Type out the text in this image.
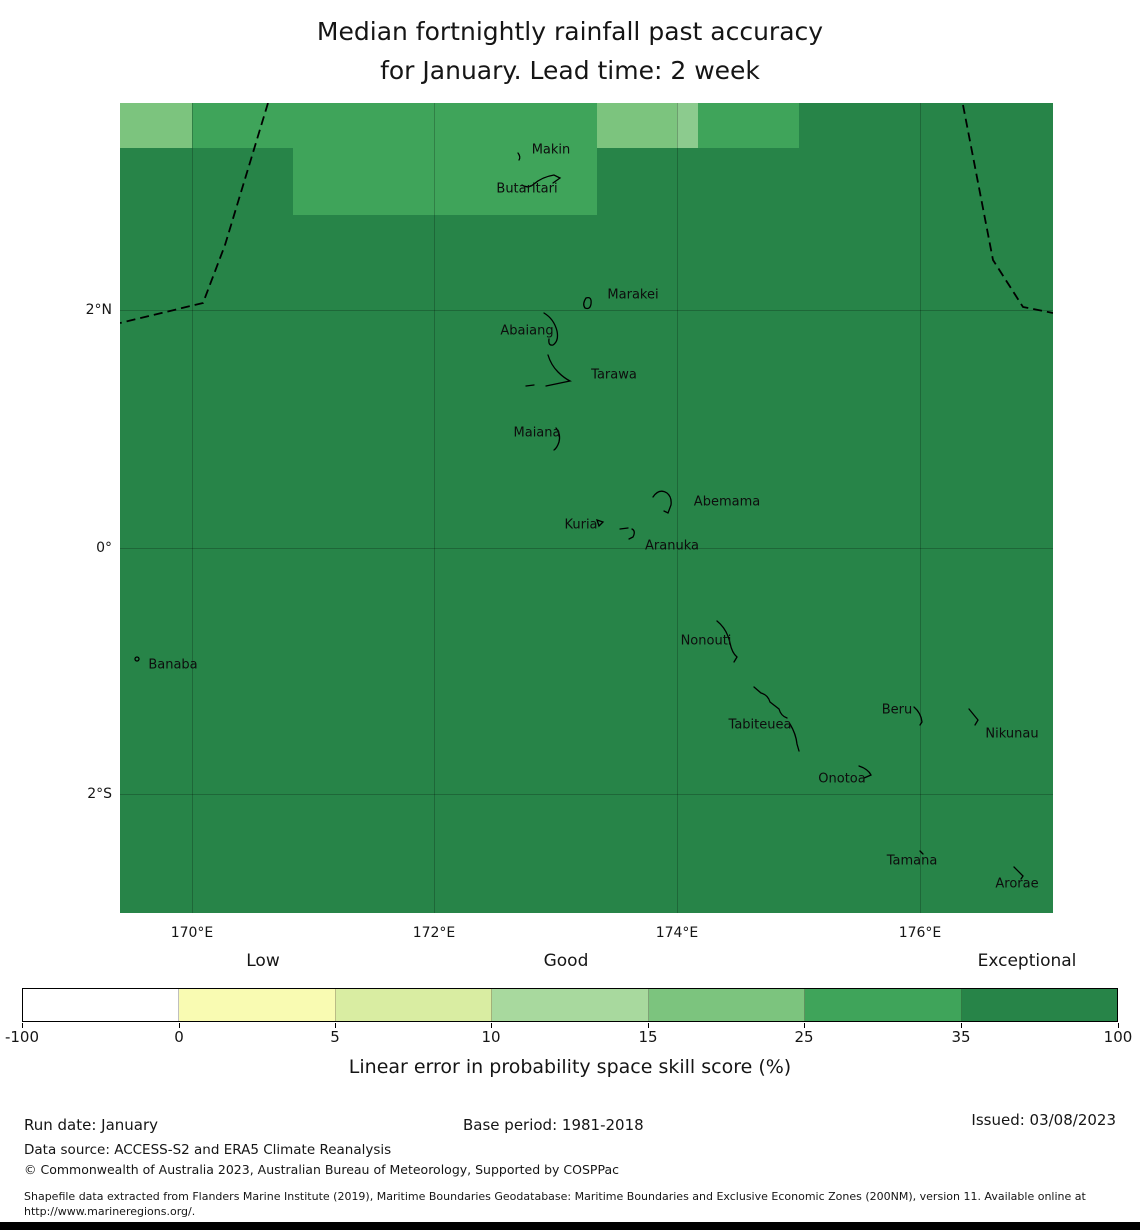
Median fortnightly rainfall past accuracy
for January. Lead time: 2 week
Makin
Butaritari
Marakei
Abaiang
Tarawa
Maiana
Abemama
Kuria
Aranuka
Nonouti
Banaba
Tabiteuea
Beru
Nikunau
Onotoa
Tamana
Arorae
2°N
0°
2°S
170°E	172°E	174°E	176°E
Low	Good	Exceptional
-100	0	5	10	15	25	35	100
Linear error in probability space skill score (%)
Run date: January	Base period: 1981-2018	Issued: 03/08/2023
Data source: ACCESS-S2 and ERA5 Climate Reanalysis
© Commonwealth of Australia 2023, Australian Bureau of Meteorology, Supported by COSPPac
Shapefile data extracted from Flanders Marine Institute (2019), Maritime Boundaries Geodatabase: Maritime Boundaries and Exclusive Economic Zones (200NM), version 11. Available online at http://www.marineregions.org/.
